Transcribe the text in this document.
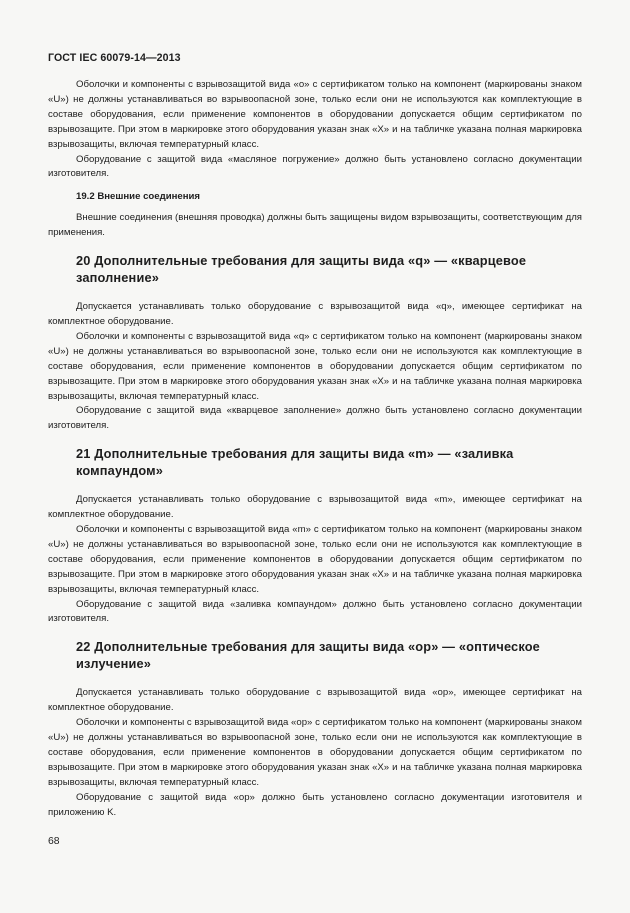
ГОСТ IEC 60079-14—2013

Оболочки и компоненты с взрывозащитой вида «о» с сертификатом только на компонент (маркированы знаком «U») не должны устанавливаться во взрывоопасной зоне, только если они не используются как комплектующие в составе оборудования, если применение компонентов в оборудовании допускается общим сертификатом по взрывозащите. При этом в маркировке этого оборудования указан знак «X» и на табличке указана полная маркировка взрывозащиты, включая температурный класс.

Оборудование с защитой вида «масляное погружение» должно быть установлено согласно документации изготовителя.

19.2 Внешние соединения

Внешние соединения (внешняя проводка) должны быть защищены видом взрывозащиты, соответствующим для применения.

20 Дополнительные требования для защиты вида «q» — «кварцевое
заполнение»

Допускается устанавливать только оборудование с взрывозащитой вида «q», имеющее сертификат на комплектное оборудование.

Оболочки и компоненты с взрывозащитой вида «q» с сертификатом только на компонент (маркированы знаком «U») не должны устанавливаться во взрывоопасной зоне, только если они не используются как комплектующие в составе оборудования, если применение компонентов в оборудовании допускается общим сертификатом по взрывозащите. При этом в маркировке этого оборудования указан знак «X» и на табличке указана полная маркировка взрывозащиты, включая температурный класс.

Оборудование с защитой вида «кварцевое заполнение» должно быть установлено согласно документации изготовителя.

21 Дополнительные требования для защиты вида «m» — «заливка
компаундом»

Допускается устанавливать только оборудование с взрывозащитой вида «m», имеющее сертификат на комплектное оборудование.

Оболочки и компоненты с взрывозащитой вида «m» с сертификатом только на компонент (маркированы знаком «U») не должны устанавливаться во взрывоопасной зоне, только если они не используются как комплектующие в составе оборудования, если применение компонентов в оборудовании допускается общим сертификатом по взрывозащите. При этом в маркировке этого оборудования указан знак «X» и на табличке указана полная маркировка взрывозащиты, включая температурный класс.

Оборудование с защитой вида «заливка компаундом» должно быть установлено согласно документации изготовителя.

22 Дополнительные требования для защиты вида «op» — «оптическое
излучение»

Допускается устанавливать только оборудование с взрывозащитой вида «op», имеющее сертификат на комплектное оборудование.

Оболочки и компоненты с взрывозащитой вида «op» с сертификатом только на компонент (маркированы знаком «U») не должны устанавливаться во взрывоопасной зоне, только если они не используются как комплектующие в составе оборудования, если применение компонентов в оборудовании допускается общим сертификатом по взрывозащите. При этом в маркировке этого оборудования указан знак «X» и на табличке указана полная маркировка взрывозащиты, включая температурный класс.

Оборудование с защитой вида «op» должно быть установлено согласно документации изготовителя и приложению K.

68
